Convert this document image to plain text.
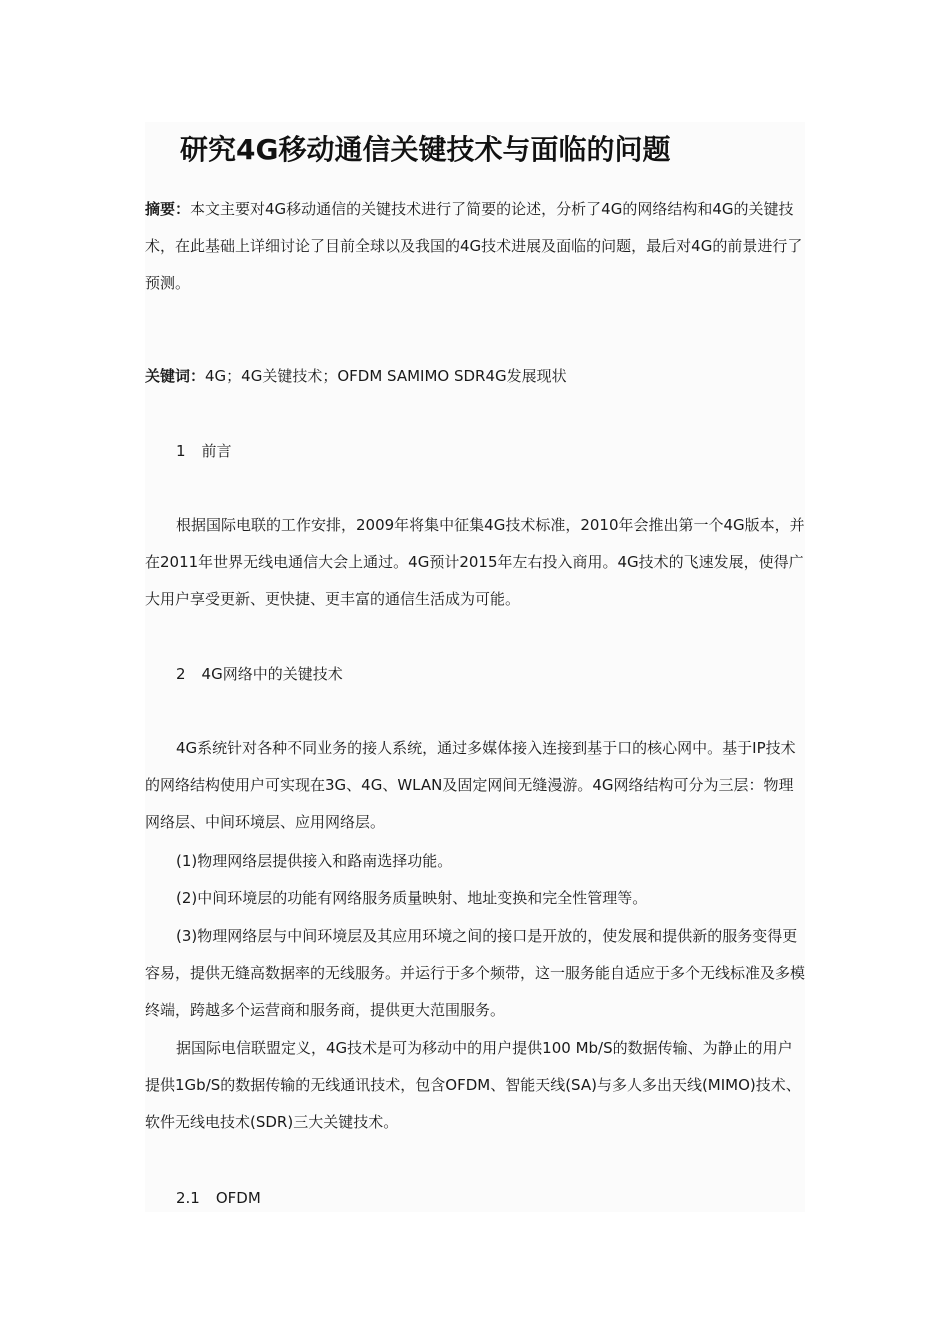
研究4G移动通信关键技术与面临的问题
摘要：本文主要对4G移动通信的关键技术进行了简要的论述，分析了4G的网络结构和4G的关键技术，在此基础上详细讨论了目前全球以及我国的4G技术进展及面临的问题，最后对4G的前景进行了预测。
关键词：4G；4G关键技术；OFDM SAMIMO SDR4G发展现状
1 前言
根据国际电联的工作安排，2009年将集中征集4G技术标准，2010年会推出第一个4G版本，并在2011年世界无线电通信大会上通过。4G预计2015年左右投入商用。4G技术的飞速发展，使得广大用户享受更新、更快捷、更丰富的通信生活成为可能。
2 4G网络中的关键技术
4G系统针对各种不同业务的接人系统，通过多媒体接入连接到基于口的核心网中。基于IP技术的网络结构使用户可实现在3G、4G、WLAN及固定网间无缝漫游。4G网络结构可分为三层：物理网络层、中间环境层、应用网络层。
(1)物理网络层提供接入和路南选择功能。
(2)中间环境层的功能有网络服务质量映射、地址变换和完全性管理等。
(3)物理网络层与中间环境层及其应用环境之间的接口是开放的，使发展和提供新的服务变得更容易，提供无缝高数据率的无线服务。并运行于多个频带，这一服务能自适应于多个无线标准及多模终端，跨越多个运营商和服务商，提供更大范围服务。
据国际电信联盟定义，4G技术是可为移动中的用户提供100 Mb/S的数据传输、为静止的用户提供1Gb/S的数据传输的无线通讯技术，包含OFDM、智能天线(SA)与多人多出天线(MIMO)技术、软件无线电技术(SDR)三大关键技术。
2.1 OFDM
